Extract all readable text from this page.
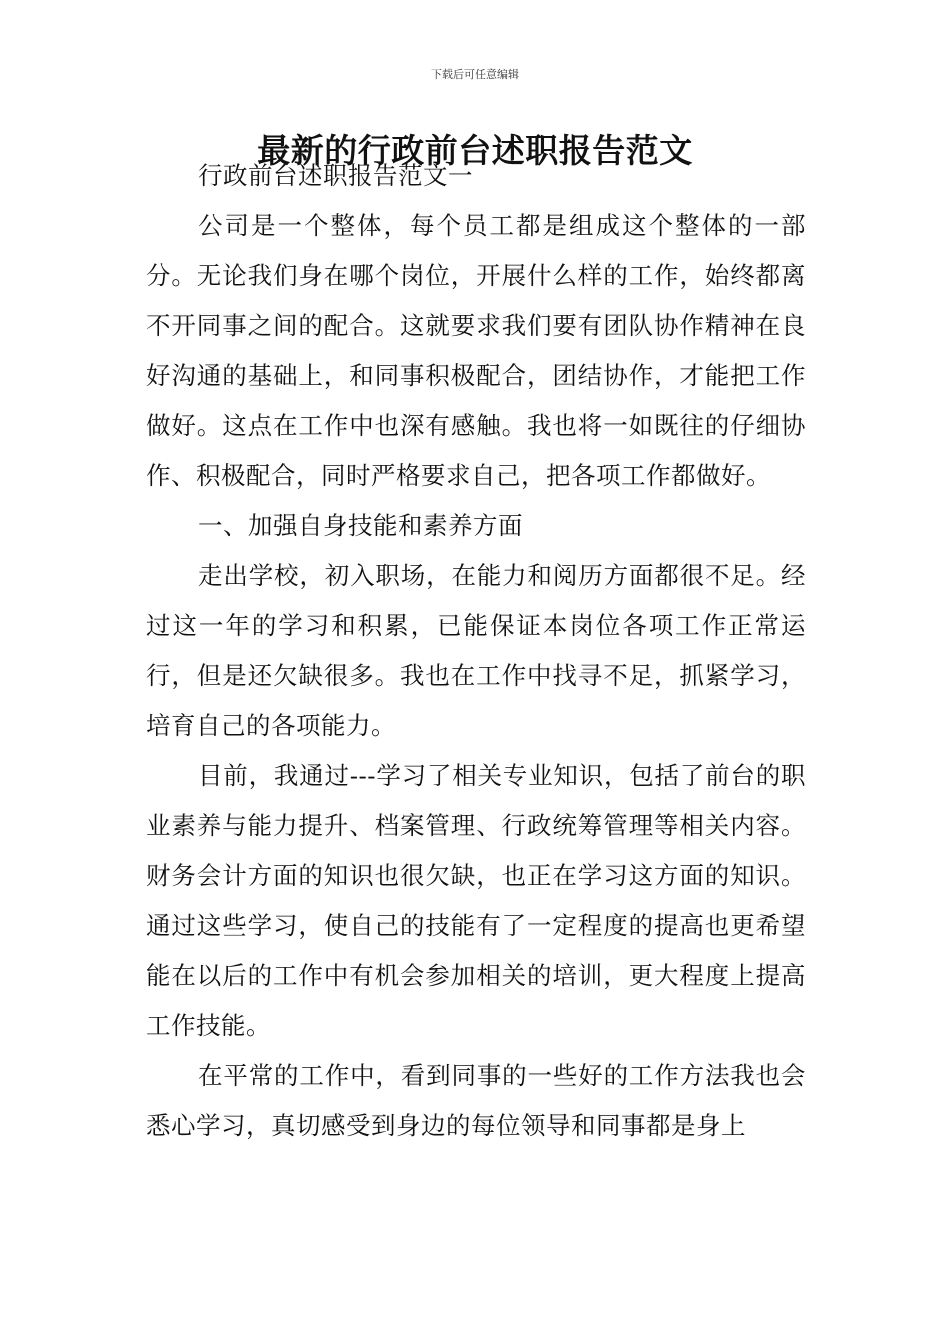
下载后可任意编辑
最新的行政前台述职报告范文

行政前台述职报告范文一

公司是一个整体，每个员工都是组成这个整体的一部分。无论我们身在哪个岗位，开展什么样的工作，始终都离不开同事之间的配合。这就要求我们要有团队协作精神在良好沟通的基础上，和同事积极配合，团结协作，才能把工作做好。这点在工作中也深有感触。我也将一如既往的仔细协作、积极配合，同时严格要求自己，把各项工作都做好。

一、加强自身技能和素养方面

走出学校，初入职场，在能力和阅历方面都很不足。经过这一年的学习和积累，已能保证本岗位各项工作正常运行，但是还欠缺很多。我也在工作中找寻不足，抓紧学习，培育自己的各项能力。

目前，我通过---学习了相关专业知识，包括了前台的职业素养与能力提升、档案管理、行政统筹管理等相关内容。财务会计方面的知识也很欠缺，也正在学习这方面的知识。通过这些学习，使自己的技能有了一定程度的提高也更希望能在以后的工作中有机会参加相关的培训，更大程度上提高工作技能。

在平常的工作中，看到同事的一些好的工作方法我也会悉心学习，真切感受到身边的每位领导和同事都是身上
